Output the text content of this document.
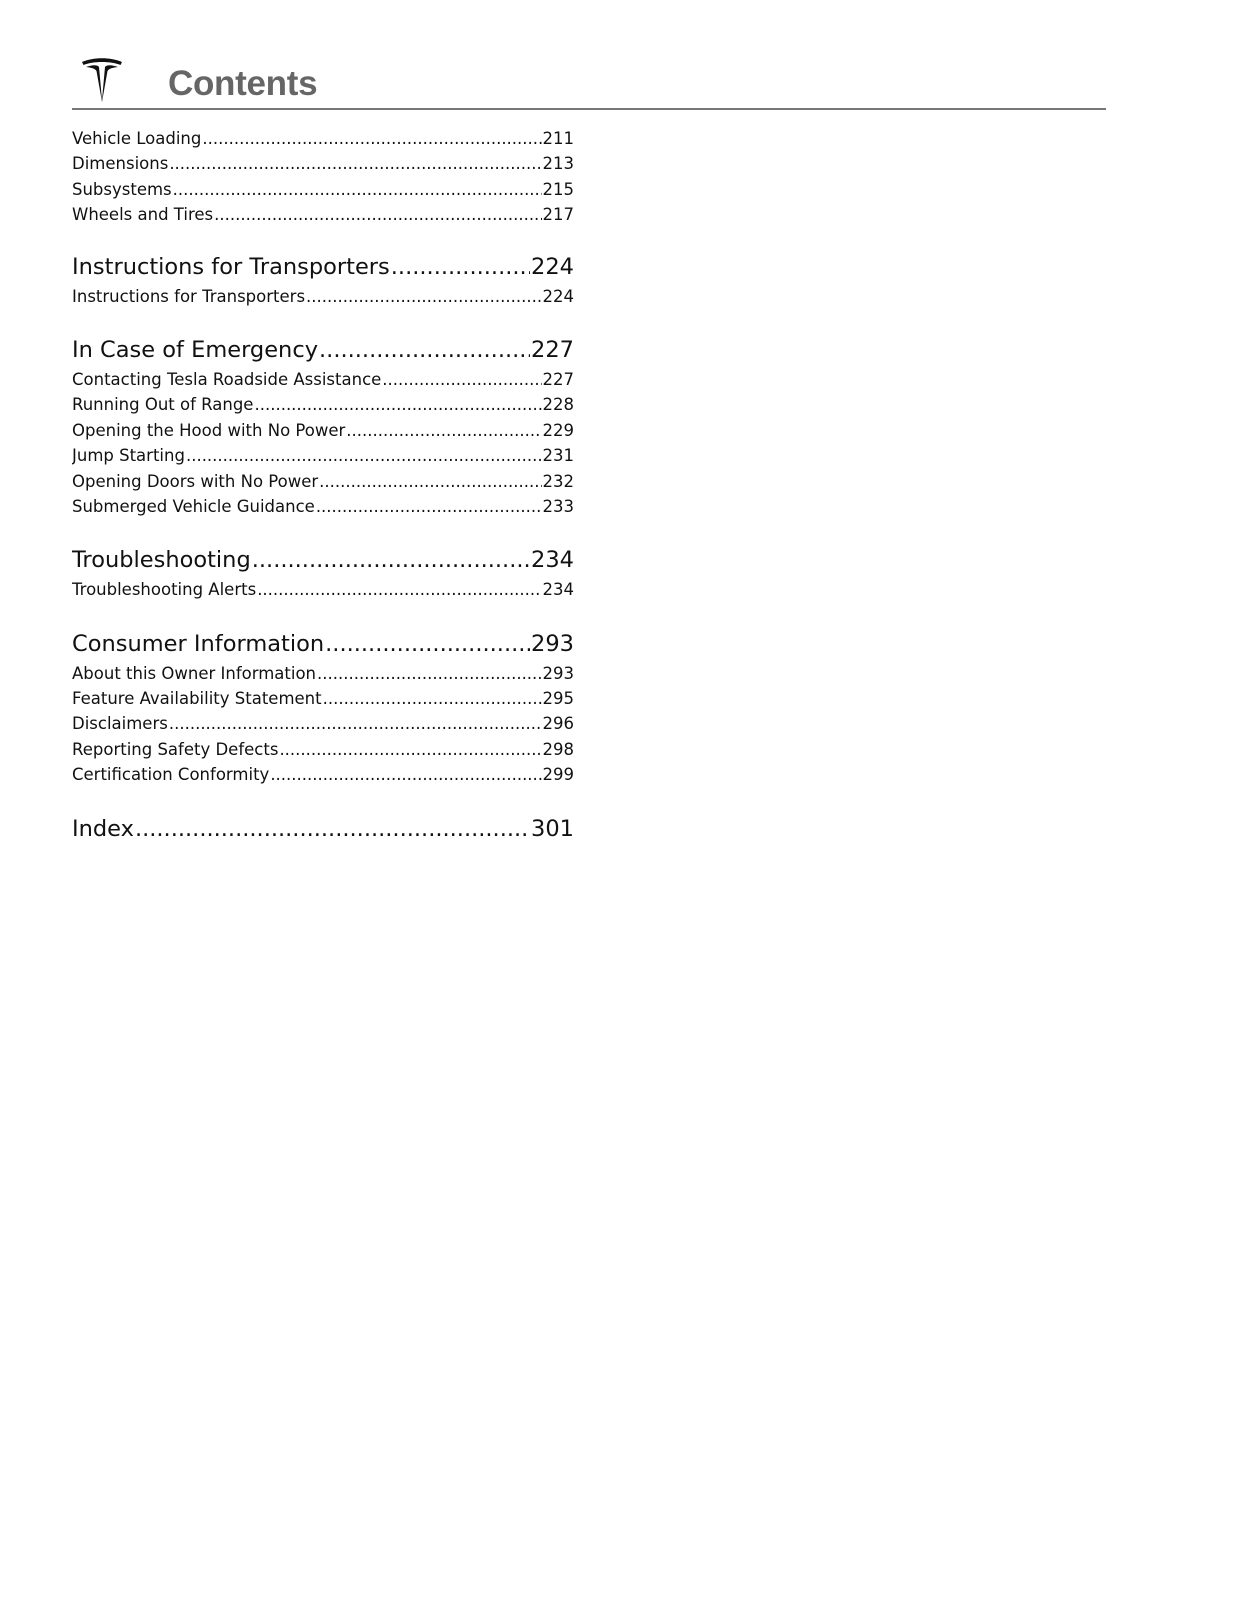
Contents
Vehicle Loading .....	211
Dimensions .....	213
Subsystems .....	215
Wheels and Tires .....	217
Instructions for Transporters .....	224
Instructions for Transporters .....	224
In Case of Emergency .....	227
Contacting Tesla Roadside Assistance .....	227
Running Out of Range .....	228
Opening the Hood with No Power .....	229
Jump Starting .....	231
Opening Doors with No Power .....	232
Submerged Vehicle Guidance .....	233
Troubleshooting .....	234
Troubleshooting Alerts .....	234
Consumer Information .....	293
About this Owner Information .....	293
Feature Availability Statement .....	295
Disclaimers .....	296
Reporting Safety Defects .....	298
Certification Conformity .....	299
Index .....	301
